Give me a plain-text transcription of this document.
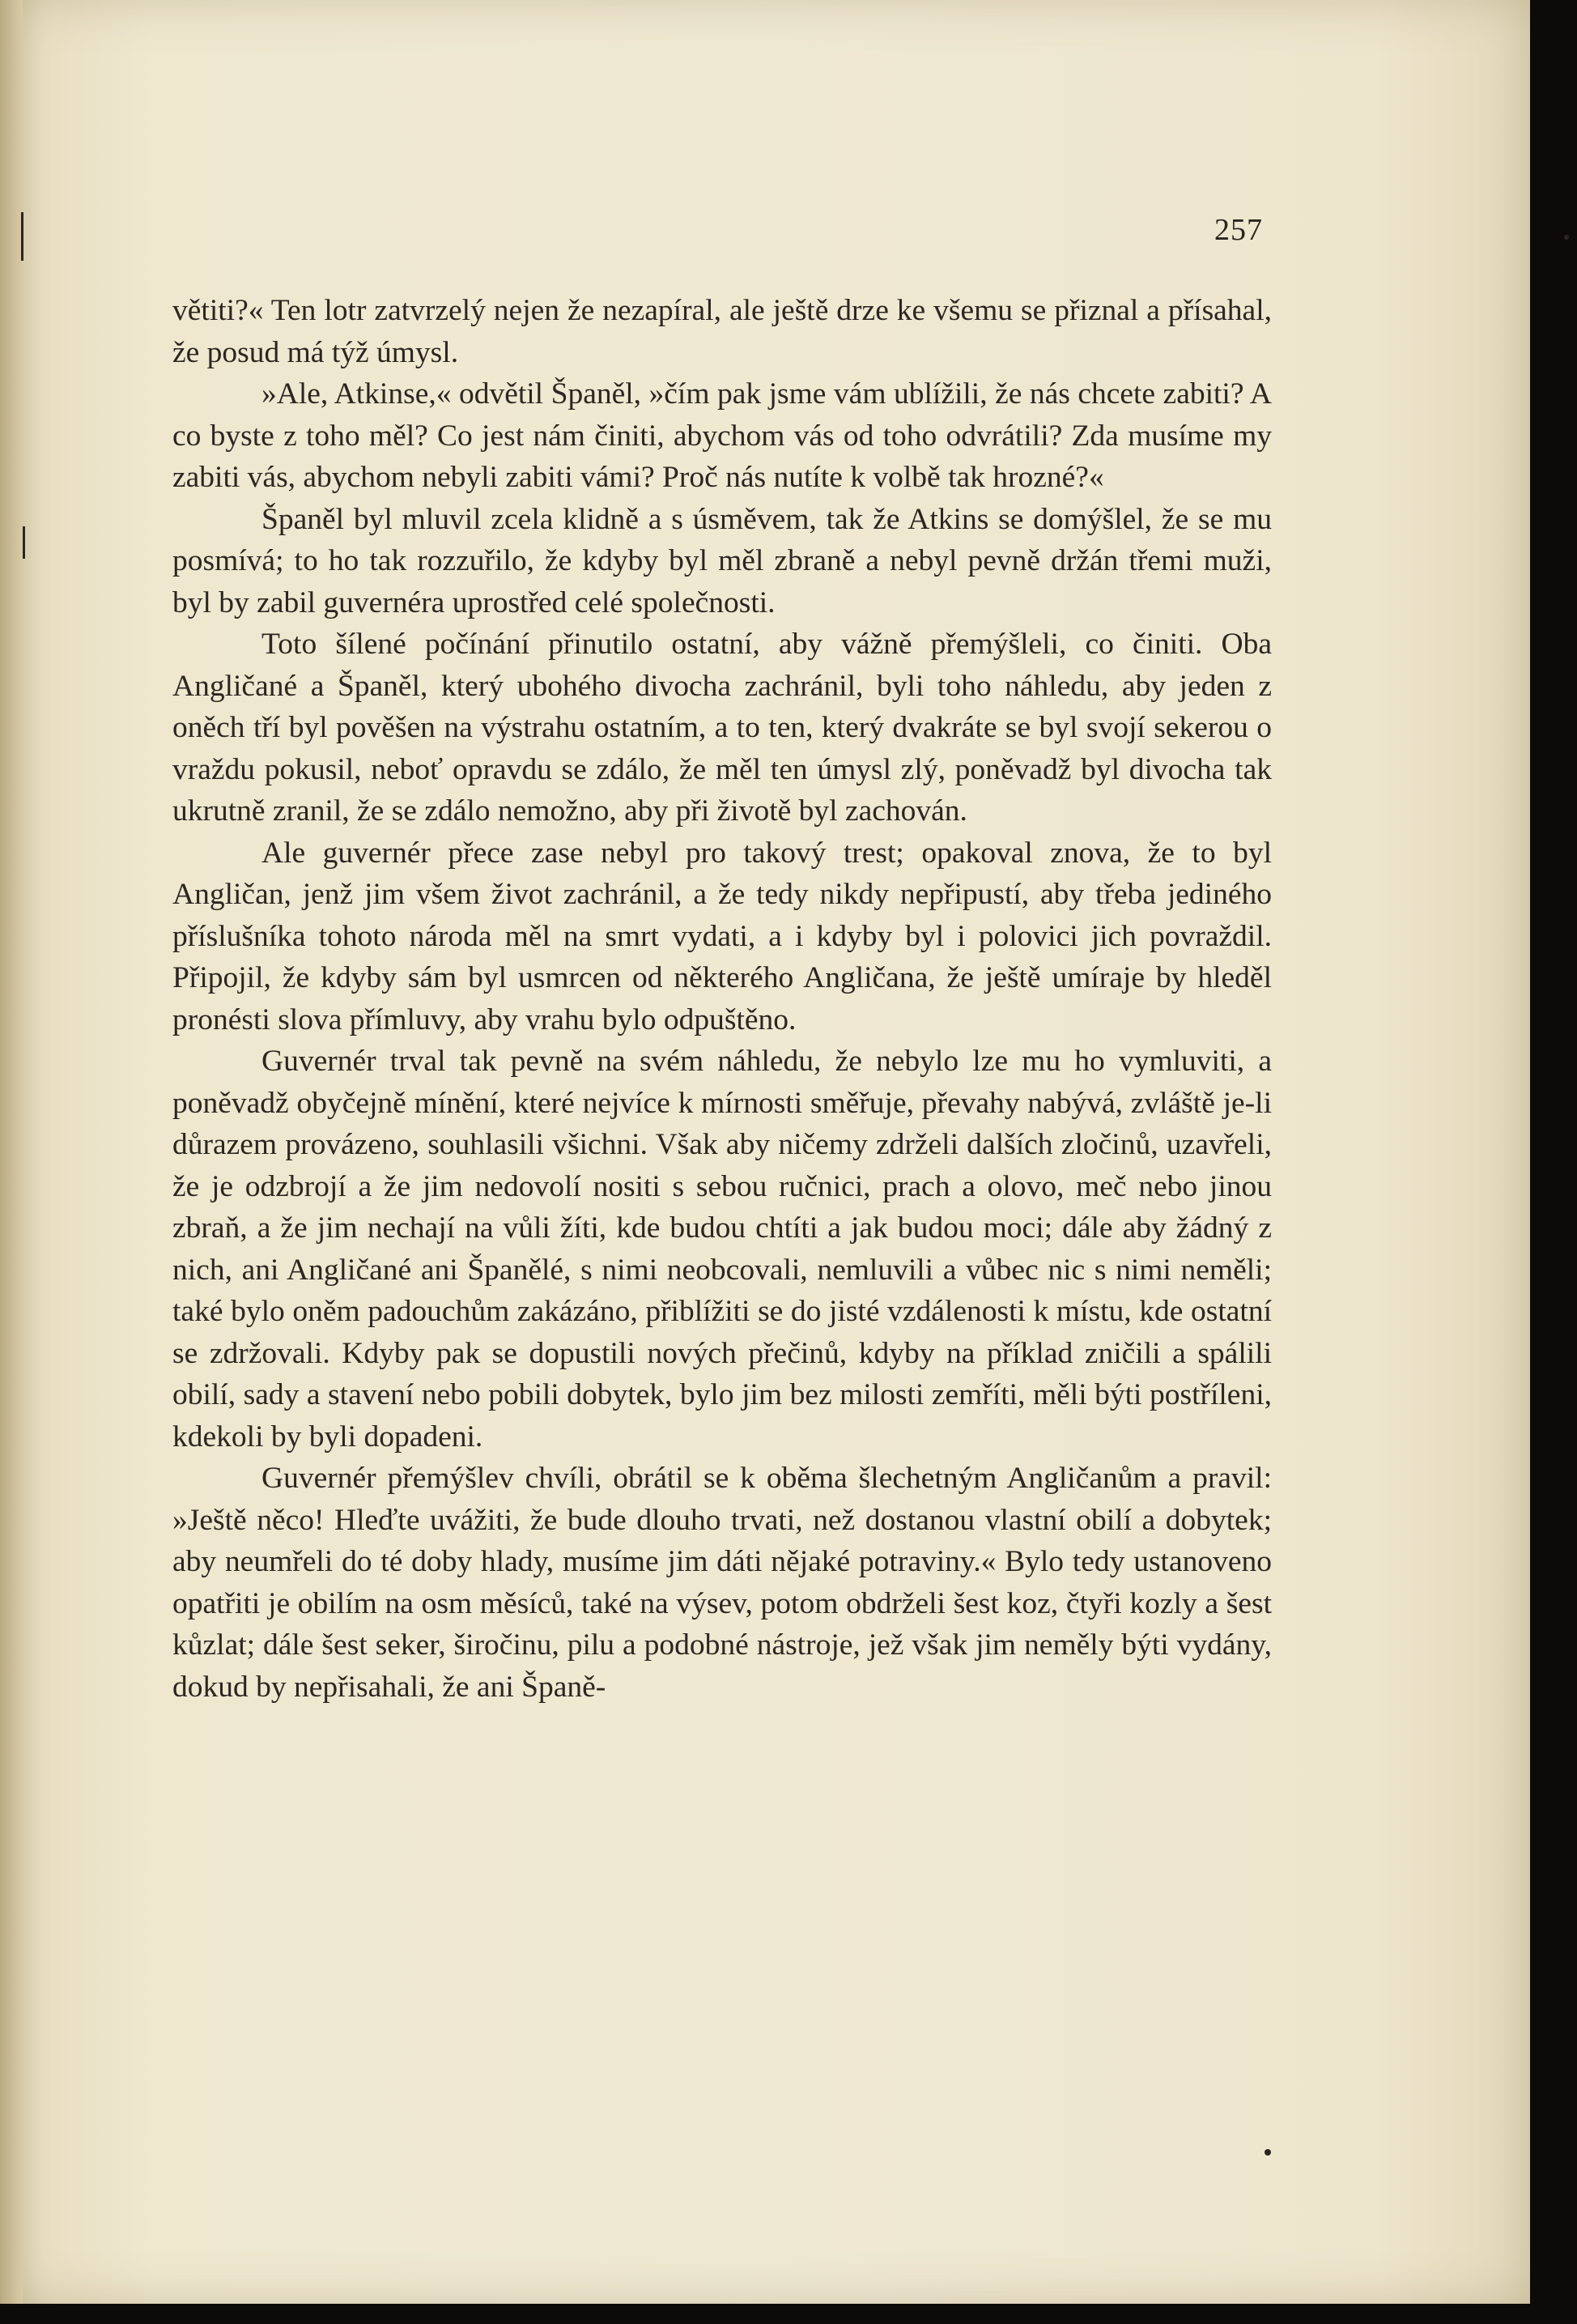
257

větiti?« Ten lotr zatvrzelý nejen že nezapíral, ale ještě drze ke všemu se přiznal a přísahal, že posud má týž úmysl.

»Ale, Atkinse,« odvětil Španěl, »čím pak jsme vám ublížili, že nás chcete zabiti? A co byste z toho měl? Co jest nám činiti, abychom vás od toho odvrátili? Zda musíme my zabiti vás, abychom nebyli zabiti vámi? Proč nás nutíte k volbě tak hrozné?«

Španěl byl mluvil zcela klidně a s úsměvem, tak že Atkins se domýšlel, že se mu posmívá; to ho tak rozzuřilo, že kdyby byl měl zbraně a nebyl pevně držán třemi muži, byl by zabil guvernéra uprostřed celé společnosti.

Toto šílené počínání přinutilo ostatní, aby vážně přemýšleli, co činiti. Oba Angličané a Španěl, který ubohého divocha zachránil, byli toho náhledu, aby jeden z oněch tří byl pověšen na výstrahu ostatním, a to ten, který dvakráte se byl svojí sekerou o vraždu pokusil, neboť opravdu se zdálo, že měl ten úmysl zlý, poněvadž byl divocha tak ukrutně zranil, že se zdálo nemožno, aby při životě byl zachován.

Ale guvernér přece zase nebyl pro takový trest; opakoval znova, že to byl Angličan, jenž jim všem život zachránil, a že tedy nikdy nepřipustí, aby třeba jediného příslušníka tohoto národa měl na smrt vydati, a i kdyby byl i polovici jich povraždil. Připojil, že kdyby sám byl usmrcen od některého Angličana, že ještě umíraje by hleděl pronésti slova přímluvy, aby vrahu bylo odpuštěno.

Guvernér trval tak pevně na svém náhledu, že nebylo lze mu ho vymluviti, a poněvadž obyčejně mínění, které nejvíce k mírnosti směřuje, převahy nabývá, zvláště je-li důrazem provázeno, souhlasili všichni. Však aby ničemy zdrželi dalších zločinů, uzavřeli, že je odzbrojí a že jim nedovolí nositi s sebou ručnici, prach a olovo, meč nebo jinou zbraň, a že jim nechají na vůli žíti, kde budou chtíti a jak budou moci; dále aby žádný z nich, ani Angličané ani Španělé, s nimi neobcovali, nemluvili a vůbec nic s nimi neměli; také bylo oněm padouchům zakázáno, přiblížiti se do jisté vzdálenosti k místu, kde ostatní se zdržovali. Kdyby pak se dopustili nových přečinů, kdyby na příklad zničili a spálili obilí, sady a stavení nebo pobili dobytek, bylo jim bez milosti zemříti, měli býti postříleni, kdekoli by byli dopadeni.

Guvernér přemýšlev chvíli, obrátil se k oběma šlechetným Angličanům a pravil: »Ještě něco! Hleďte uvážiti, že bude dlouho trvati, než dostanou vlastní obilí a dobytek; aby neumřeli do té doby hlady, musíme jim dáti nějaké potraviny.« Bylo tedy ustanoveno opatřiti je obilím na osm měsíců, také na výsev, potom obdrželi šest koz, čtyři kozly a šest kůzlat; dále šest seker, širočinu, pilu a podobné nástroje, jež však jim neměly býti vydány, dokud by nepřisahali, že ani Španě-
